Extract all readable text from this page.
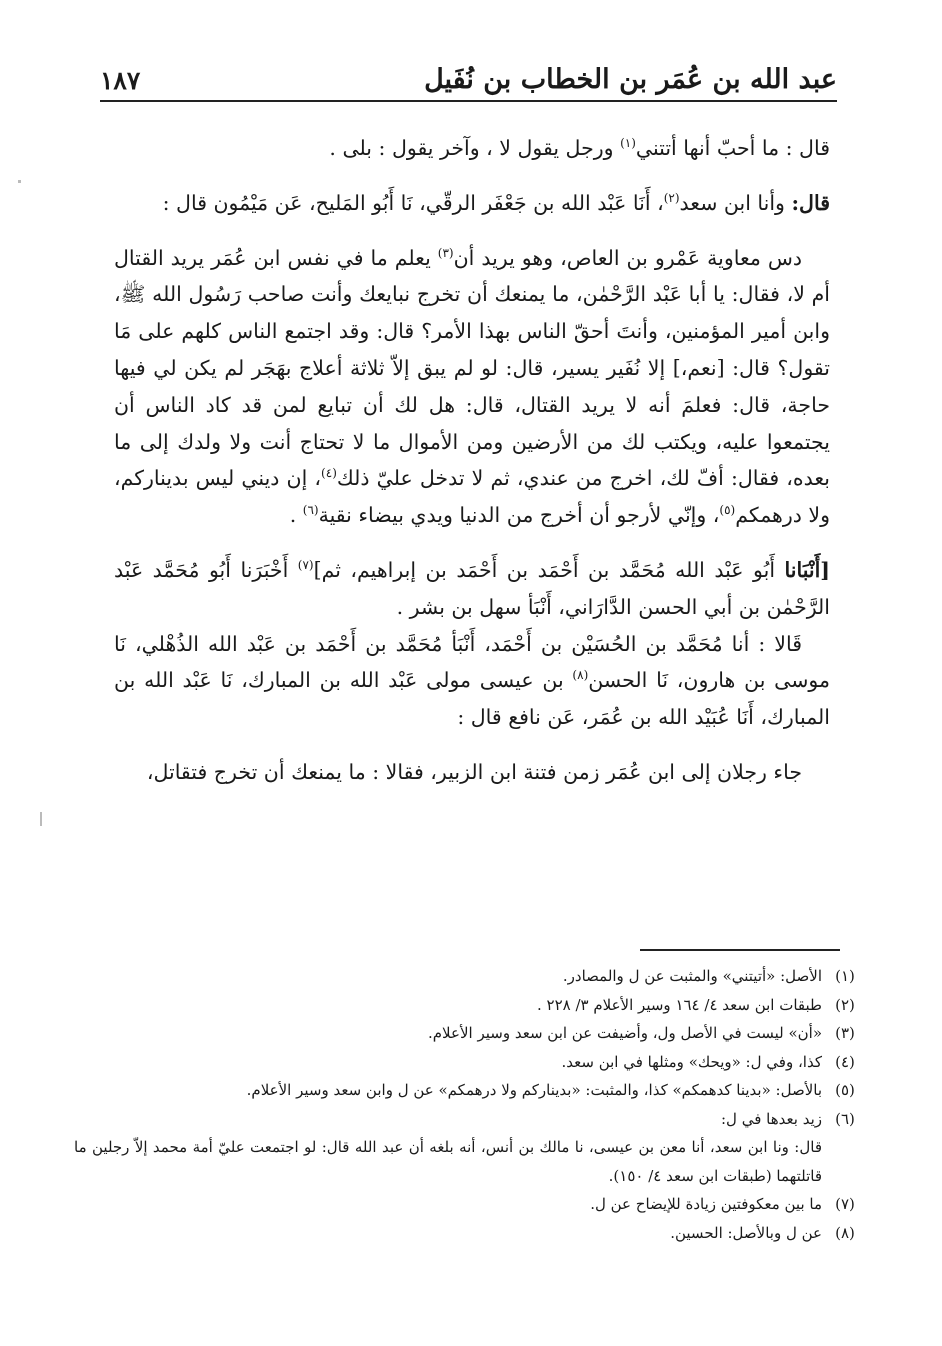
عبد الله بن عُمَر بن الخطاب بن نُفَيل
١٨٧

قال : ما أحبّ أنها أتتني$^{(١)}$ ورجل يقول لا ، وآخر يقول : بلى .

قال: وأنا ابن سعد$^{(٢)}$، أَنَا عَبْد الله بن جَعْفَر الرقّي، نَا أَبُو المَليح، عَن مَيْمُون قال :

دس معاوية عَمْرو بن العاص، وهو يريد أن$^{(٣)}$ يعلم ما في نفس ابن عُمَر يريد القتال أم لا، فقال: يا أبا عَبْد الرَّحْمٰن، ما يمنعك أن تخرج نبايعك وأنت صاحب رَسُول الله ﷺ، وابن أمير المؤمنين، وأنتَ أحقّ الناس بهذا الأمر؟ قال: وقد اجتمع الناس كلهم على مَا تقول؟ قال: [نعم،] إلا نُفَير يسير، قال: لو لم يبق إلاّ ثلاثة أعلاج بهَجَر لم يكن لي فيها حاجة، قال: فعلمَ أنه لا يريد القتال، قال: هل لك أن تبايع لمن قد كاد الناس أن يجتمعوا عليه، ويكتب لك من الأرضين ومن الأموال ما لا تحتاج أنت ولا ولدك إلى ما بعده، فقال: أفّ لك، اخرج من عندي، ثم لا تدخل عليّ ذلك$^{(٤)}$، إن ديني ليس بديناركم، ولا درهمكم$^{(٥)}$، وإنّي لأرجو أن أخرج من الدنيا ويدي بيضاء نقية$^{(٦)}$ .

[أَنْبَانا أَبُو عَبْد الله مُحَمَّد بن أَحْمَد بن أَحْمَد بن إبراهيم، ثم]$^{(٧)}$ أَخْبَرَنا أَبُو مُحَمَّد عَبْد الرَّحْمٰن بن أبي الحسن الدَّارَاني، أَنْبَأ سهل بن بشر .

قَالا : أنا مُحَمَّد بن الحُسَيْن بن أَحْمَد، أَنْبَأ مُحَمَّد بن أَحْمَد بن عَبْد الله الذُهْلي، نَا موسى بن هارون، نَا الحسن$^{(٨)}$ بن عيسى مولى عَبْد الله بن المبارك، نَا عَبْد الله بن المبارك، أَنَا عُبَيْد الله بن عُمَر، عَن نافع قال :

جاء رجلان إلى ابن عُمَر زمن فتنة ابن الزبير، فقالا : ما يمنعك أن تخرج فتقاتل،

(١)
الأصل: «أتيتني» والمثبت عن ل والمصادر.
(٢)
طبقات ابن سعد ٤/ ١٦٤ وسير الأعلام ٣/ ٢٢٨ .
(٣)
«أن» ليست في الأصل ول، وأضيفت عن ابن سعد وسير الأعلام.
(٤)
كذا، وفي ل: «ويحك» ومثلها في ابن سعد.
(٥)
بالأصل: «بدينا كدهمكم» كذا، والمثبت: «بديناركم ولا درهمكم» عن ل وابن سعد وسير الأعلام.
(٦)
زيد بعدها في ل:
قال: ونا ابن سعد، أنا معن بن عيسى، نا مالك بن أنس، أنه بلغه أن عبد الله قال: لو اجتمعت عليّ أمة محمد إلاّ رجلين ما قاتلتهما (طبقات ابن سعد ٤/ ١٥٠).
(٧)
ما بين معكوفتين زيادة للإيضاح عن ل.
(٨)
عن ل وبالأصل: الحسين.
